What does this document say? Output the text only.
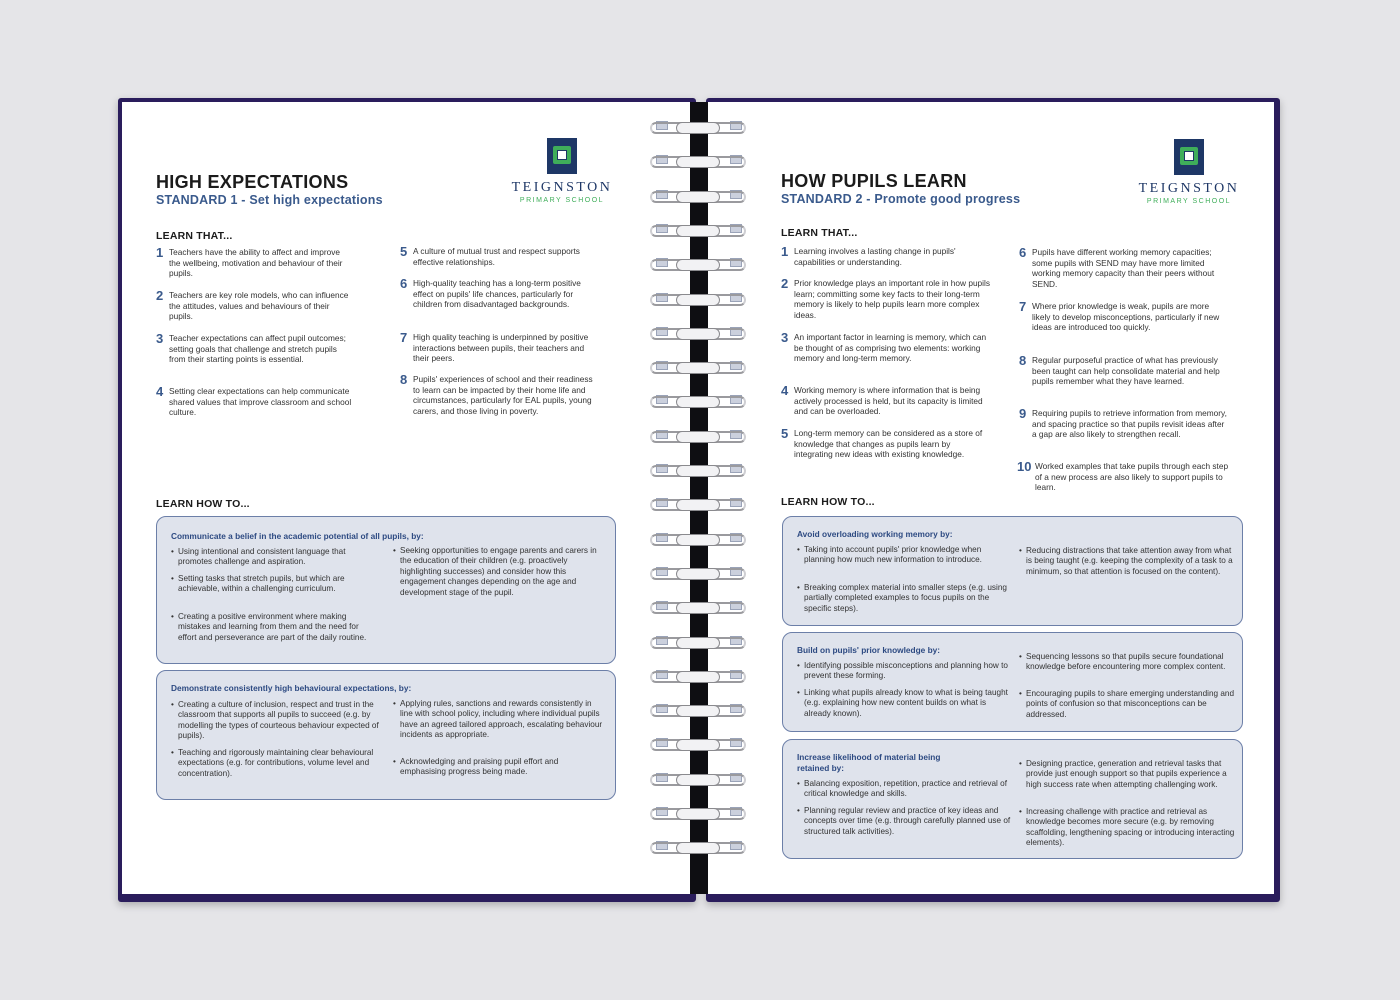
HIGH EXPECTATIONS
STANDARD 1 - Set high expectations
TEIGNSTON
PRIMARY SCHOOL
LEARN THAT...
1 Teachers have the ability to affect and improve the wellbeing, motivation and behaviour of their pupils.
2 Teachers are key role models, who can influence the attitudes, values and behaviours of their pupils.
3 Teacher expectations can affect pupil outcomes; setting goals that challenge and stretch pupils from their starting points is essential.
4 Setting clear expectations can help communicate shared values that improve classroom and school culture.
5 A culture of mutual trust and respect supports effective relationships.
6 High-quality teaching has a long-term positive effect on pupils' life chances, particularly for children from disadvantaged backgrounds.
7 High quality teaching is underpinned by positive interactions between pupils, their teachers and their peers.
8 Pupils' experiences of school and their readiness to learn can be impacted by their home life and circumstances, particularly for EAL pupils, young carers, and those living in poverty.
LEARN HOW TO...
Communicate a belief in the academic potential of all pupils, by:
• Using intentional and consistent language that promotes challenge and aspiration.
• Setting tasks that stretch pupils, but which are achievable, within a challenging curriculum.
• Creating a positive environment where making mistakes and learning from them and the need for effort and perseverance are part of the daily routine.
• Seeking opportunities to engage parents and carers in the education of their children (e.g. proactively highlighting successes) and consider how this engagement changes depending on the age and development stage of the pupil.
Demonstrate consistently high behavioural expectations, by:
• Creating a culture of inclusion, respect and trust in the classroom that supports all pupils to succeed (e.g. by modelling the types of courteous behaviour expected of pupils).
• Teaching and rigorously maintaining clear behavioural expectations (e.g. for contributions, volume level and concentration).
• Applying rules, sanctions and rewards consistently in line with school policy, including where individual pupils have an agreed tailored approach, escalating behaviour incidents as appropriate.
• Acknowledging and praising pupil effort and emphasising progress being made.
HOW PUPILS LEARN
STANDARD 2 - Promote good progress
TEIGNSTON
PRIMARY SCHOOL
LEARN THAT...
1 Learning involves a lasting change in pupils' capabilities or understanding.
2 Prior knowledge plays an important role in how pupils learn; committing some key facts to their long-term memory is likely to help pupils learn more complex ideas.
3 An important factor in learning is memory, which can be thought of as comprising two elements: working memory and long-term memory.
4 Working memory is where information that is being actively processed is held, but its capacity is limited and can be overloaded.
5 Long-term memory can be considered as a store of knowledge that changes as pupils learn by integrating new ideas with existing knowledge.
6 Pupils have different working memory capacities; some pupils with SEND may have more limited working memory capacity than their peers without SEND.
7 Where prior knowledge is weak, pupils are more likely to develop misconceptions, particularly if new ideas are introduced too quickly.
8 Regular purposeful practice of what has previously been taught can help consolidate material and help pupils remember what they have learned.
9 Requiring pupils to retrieve information from memory, and spacing practice so that pupils revisit ideas after a gap are also likely to strengthen recall.
10 Worked examples that take pupils through each step of a new process are also likely to support pupils to learn.
LEARN HOW TO...
Avoid overloading working memory by:
• Taking into account pupils' prior knowledge when planning how much new information to introduce.
• Breaking complex material into smaller steps (e.g. using partially completed examples to focus pupils on the specific steps).
• Reducing distractions that take attention away from what is being taught (e.g. keeping the complexity of a task to a minimum, so that attention is focused on the content).
Build on pupils' prior knowledge by:
• Identifying possible misconceptions and planning how to prevent these forming.
• Linking what pupils already know to what is being taught (e.g. explaining how new content builds on what is already known).
• Sequencing lessons so that pupils secure foundational knowledge before encountering more complex content.
• Encouraging pupils to share emerging understanding and points of confusion so that misconceptions can be addressed.
Increase likelihood of material being retained by:
• Balancing exposition, repetition, practice and retrieval of critical knowledge and skills.
• Planning regular review and practice of key ideas and concepts over time (e.g. through carefully planned use of structured talk activities).
• Designing practice, generation and retrieval tasks that provide just enough support so that pupils experience a high success rate when attempting challenging work.
• Increasing challenge with practice and retrieval as knowledge becomes more secure (e.g. by removing scaffolding, lengthening spacing or introducing interacting elements).
